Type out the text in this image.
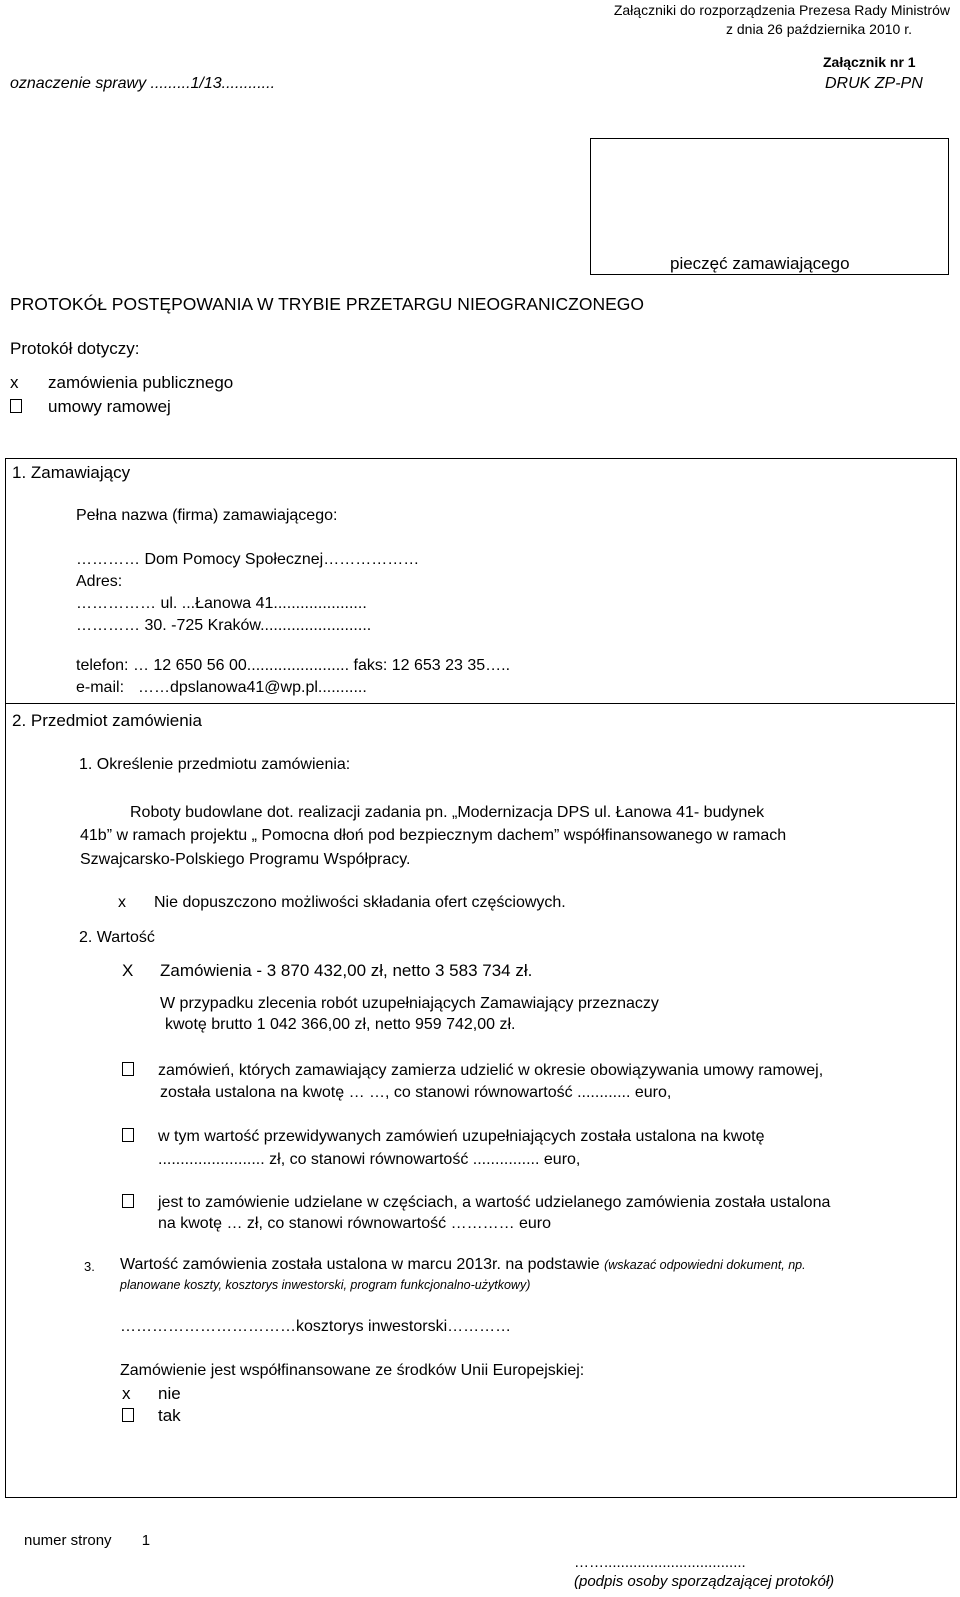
Załączniki do rozporządzenia Prezesa Rady Ministrów
z dnia 26 października 2010 r.
Załącznik nr 1
oznaczenie sprawy .........1/13............	DRUK ZP-PN
pieczęć zamawiającego
PROTOKÓŁ POSTĘPOWANIA W TRYBIE PRZETARGU NIEOGRANICZONEGO
Protokół dotyczy:
x zamówienia publicznego
umowy ramowej
1. Zamawiający
Pełna nazwa (firma) zamawiającego:
………… Dom Pomocy Społecznej………………
Adres:
…………… ul. ...Łanowa 41.....................
………… 30. -725 Kraków.........................
telefon: … 12 650 56 00....................... faks: 12 653 23 35…..
e-mail: ……dpslanowa41@wp.pl...........
2. Przedmiot zamówienia
1. Określenie przedmiotu zamówienia:
Roboty budowlane dot. realizacji zadania pn. „Modernizacja DPS ul. Łanowa 41- budynek
41b” w ramach projektu „ Pomocna dłoń pod bezpiecznym dachem” współfinansowanego w ramach
Szwajcarsko-Polskiego Programu Współpracy.
x Nie dopuszczono możliwości składania ofert częściowych.
2. Wartość
X Zamówienia - 3 870 432,00 zł, netto 3 583 734 zł.
W przypadku zlecenia robót uzupełniających Zamawiający przeznaczy
kwotę brutto 1 042 366,00 zł, netto 959 742,00 zł.
zamówień, których zamawiający zamierza udzielić w okresie obowiązywania umowy ramowej,
została ustalona na kwotę … …, co stanowi równowartość ............ euro,
w tym wartość przewidywanych zamówień uzupełniających została ustalona na kwotę
........................ zł, co stanowi równowartość ............... euro,
jest to zamówienie udzielane w częściach, a wartość udzielanego zamówienia została ustalona
na kwotę … zł, co stanowi równowartość ………… euro
3. Wartość zamówienia została ustalona w marcu 2013r. na podstawie (wskazać odpowiedni dokument, np.
planowane koszty, kosztorys inwestorski, program funkcjonalno-użytkowy)
……………………………kosztorys inwestorski…………
Zamówienie jest współfinansowane ze środków Unii Europejskiej:
x nie
tak
numer strony 1
……..................................
(podpis osoby sporządzającej protokół)
